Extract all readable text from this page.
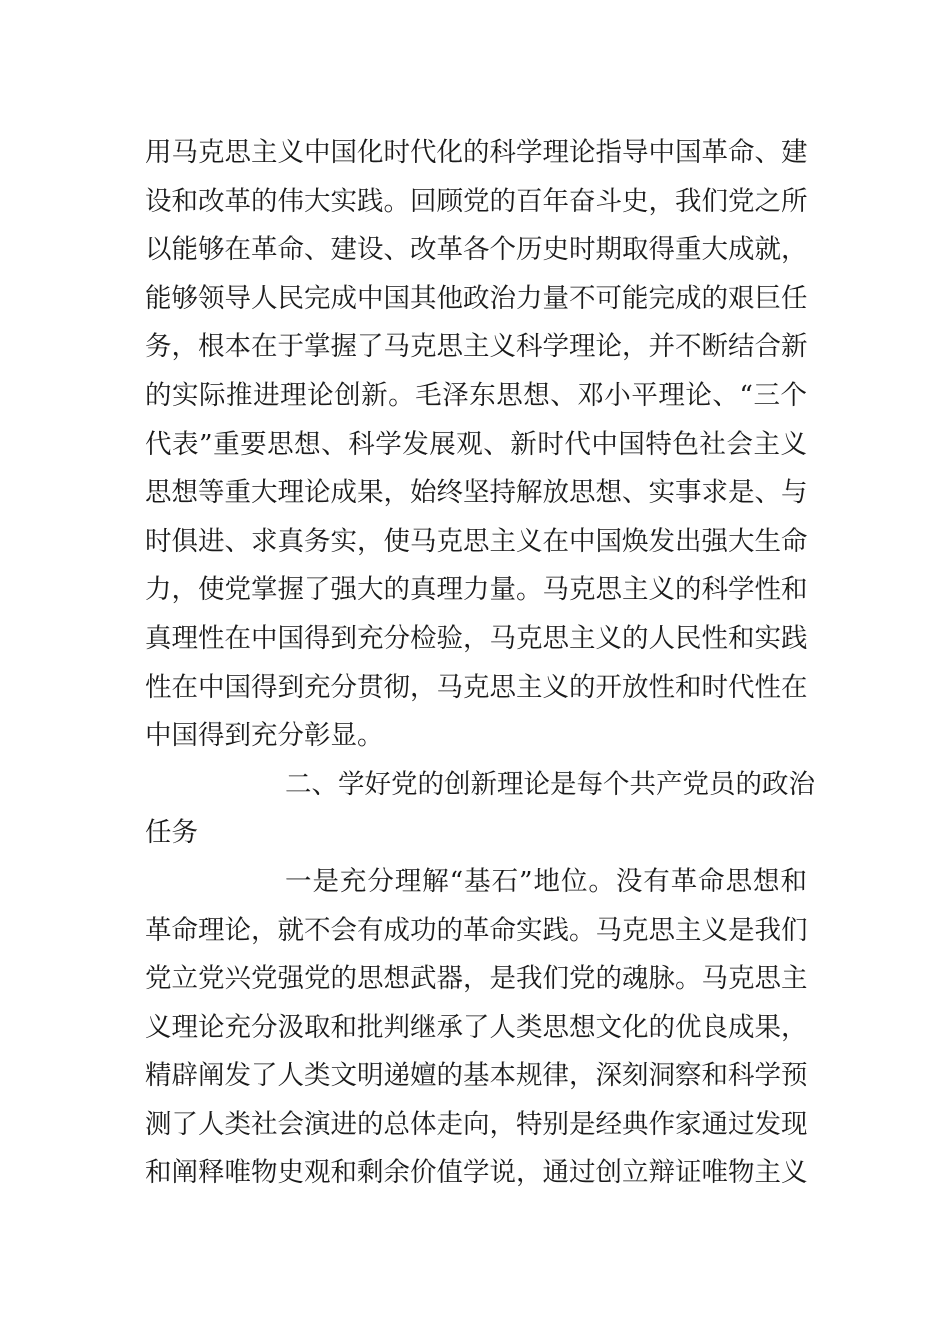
用马克思主义中国化时代化的科学理论指导中国革命、建
设和改革的伟大实践。回顾党的百年奋斗史，我们党之所
以能够在革命、建设、改革各个历史时期取得重大成就，
能够领导人民完成中国其他政治力量不可能完成的艰巨任
务，根本在于掌握了马克思主义科学理论，并不断结合新
的实际推进理论创新。毛泽东思想、邓小平理论、“三个
代表”重要思想、科学发展观、新时代中国特色社会主义
思想等重大理论成果，始终坚持解放思想、实事求是、与
时俱进、求真务实，使马克思主义在中国焕发出强大生命
力，使党掌握了强大的真理力量。马克思主义的科学性和
真理性在中国得到充分检验，马克思主义的人民性和实践
性在中国得到充分贯彻，马克思主义的开放性和时代性在
中国得到充分彰显。
二、学好党的创新理论是每个共产党员的政治
任务
一是充分理解“基石”地位。没有革命思想和
革命理论，就不会有成功的革命实践。马克思主义是我们
党立党兴党强党的思想武器，是我们党的魂脉。马克思主
义理论充分汲取和批判继承了人类思想文化的优良成果，
精辟阐发了人类文明递嬗的基本规律，深刻洞察和科学预
测了人类社会演进的总体走向，特别是经典作家通过发现
和阐释唯物史观和剩余价值学说，通过创立辩证唯物主义
